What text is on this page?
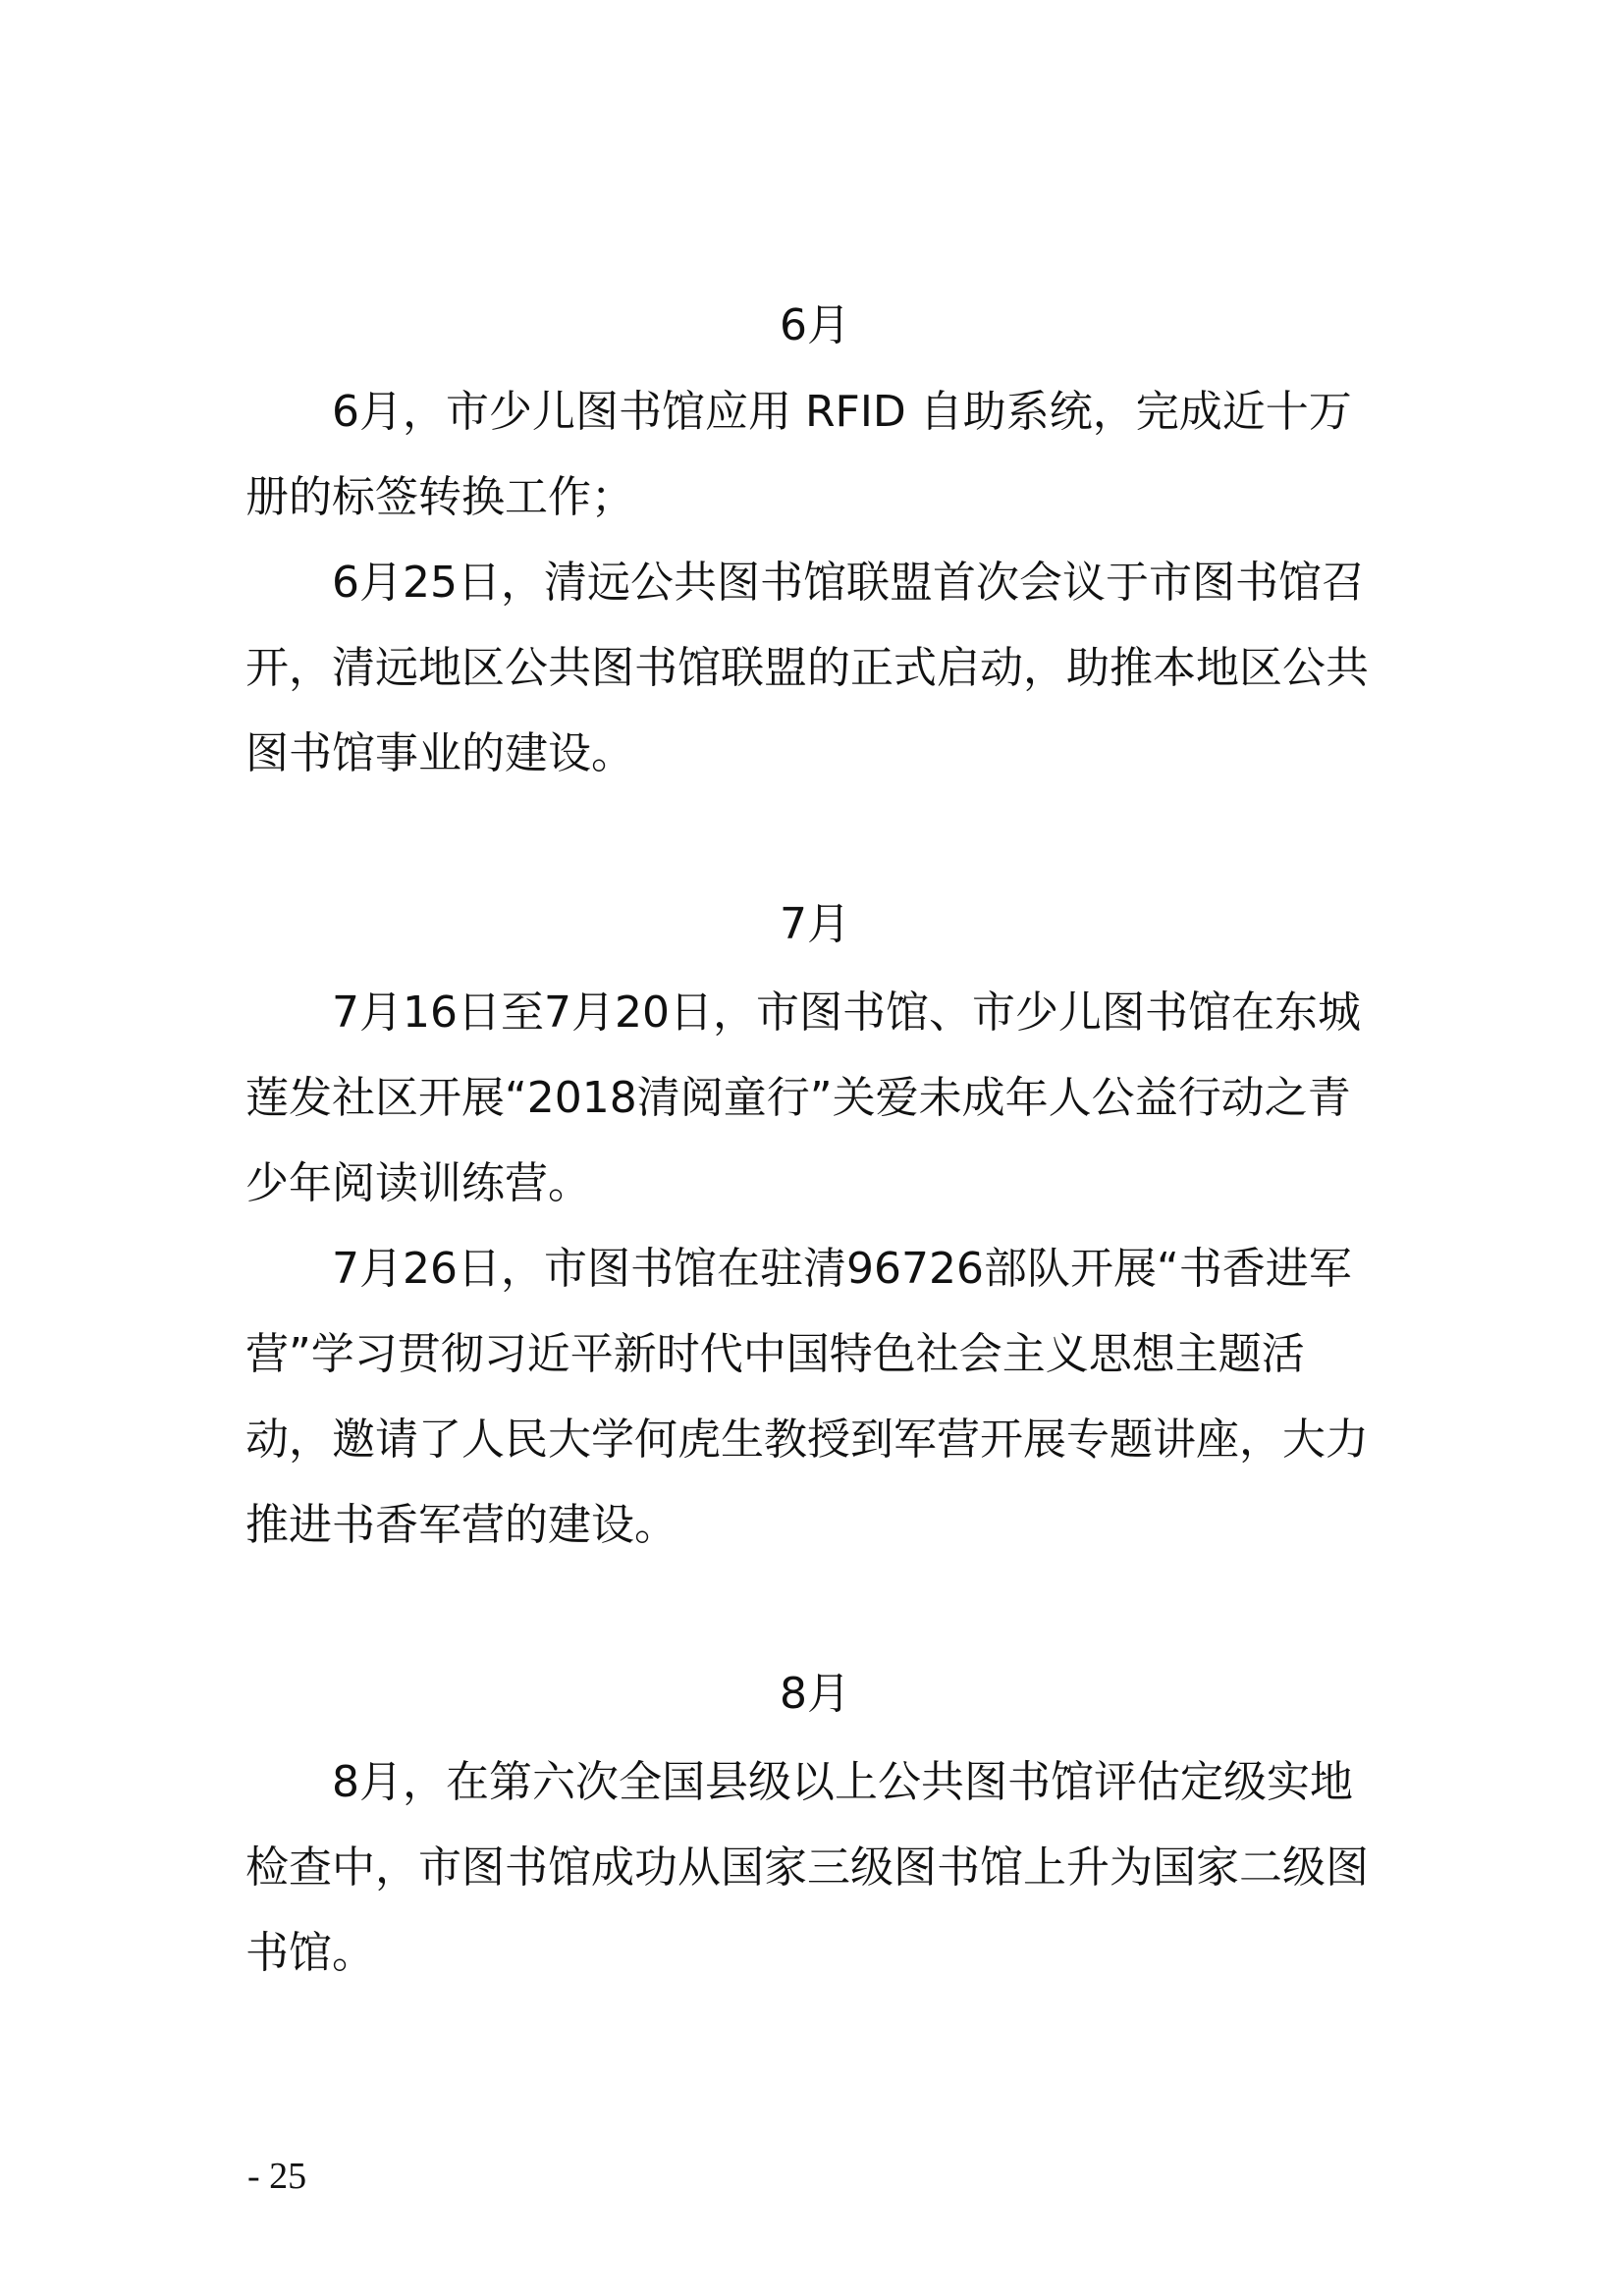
6月

6月，市少儿图书馆应用 RFID 自助系统，完成近十万册的标签转换工作；

6月25日，清远公共图书馆联盟首次会议于市图书馆召开，清远地区公共图书馆联盟的正式启动，助推本地区公共图书馆事业的建设。

7月

7月16日至7月20日，市图书馆、市少儿图书馆在东城莲发社区开展“2018清阅童行”关爱未成年人公益行动之青少年阅读训练营。

7月26日，市图书馆在驻清96726部队开展“书香进军营”学习贯彻习近平新时代中国特色社会主义思想主题活动，邀请了人民大学何虎生教授到军营开展专题讲座，大力推进书香军营的建设。

8月

8月，在第六次全国县级以上公共图书馆评估定级实地检查中，市图书馆成功从国家三级图书馆上升为国家二级图书馆。

- 25
